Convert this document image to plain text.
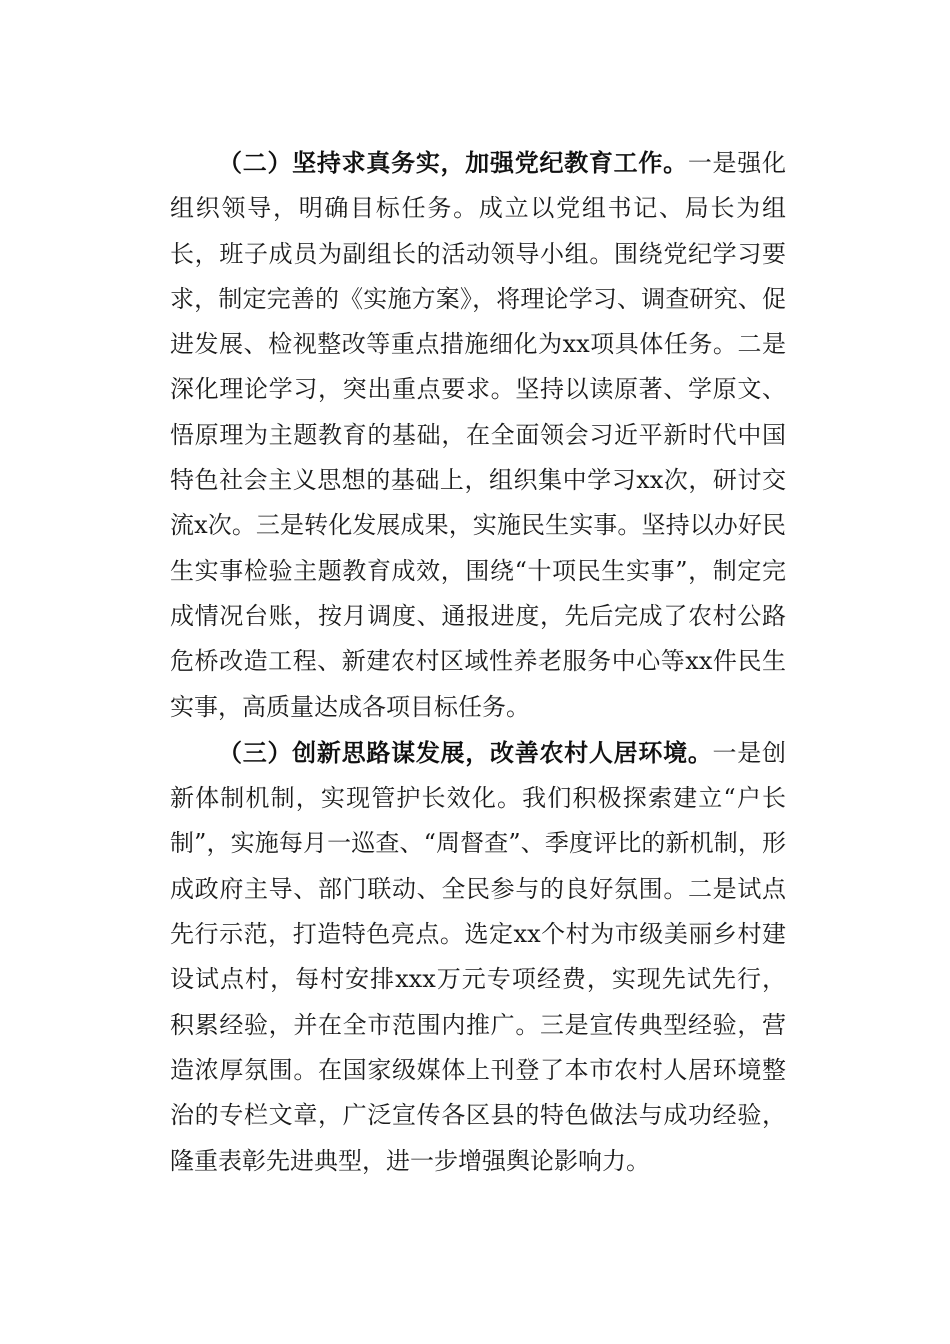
（二）坚持求真务实，加强党纪教育工作。一是强化组织领导，明确目标任务。成立以党组书记、局长为组长，班子成员为副组长的活动领导小组。围绕党纪学习要求，制定完善的《实施方案》，将理论学习、调查研究、促进发展、检视整改等重点措施细化为xx项具体任务。二是深化理论学习，突出重点要求。坚持以读原著、学原文、悟原理为主题教育的基础，在全面领会习近平新时代中国特色社会主义思想的基础上，组织集中学习xx次，研讨交流x次。三是转化发展成果，实施民生实事。坚持以办好民生实事检验主题教育成效，围绕“十项民生实事”，制定完成情况台账，按月调度、通报进度，先后完成了农村公路危桥改造工程、新建农村区域性养老服务中心等xx件民生实事，高质量达成各项目标任务。

（三）创新思路谋发展，改善农村人居环境。一是创新体制机制，实现管护长效化。我们积极探索建立“户长制”，实施每月一巡查、“周督查”、季度评比的新机制，形成政府主导、部门联动、全民参与的良好氛围。二是试点先行示范，打造特色亮点。选定xx个村为市级美丽乡村建设试点村，每村安排xxx万元专项经费，实现先试先行，积累经验，并在全市范围内推广。三是宣传典型经验，营造浓厚氛围。在国家级媒体上刊登了本市农村人居环境整治的专栏文章，广泛宣传各区县的特色做法与成功经验，隆重表彰先进典型，进一步增强舆论影响力。
